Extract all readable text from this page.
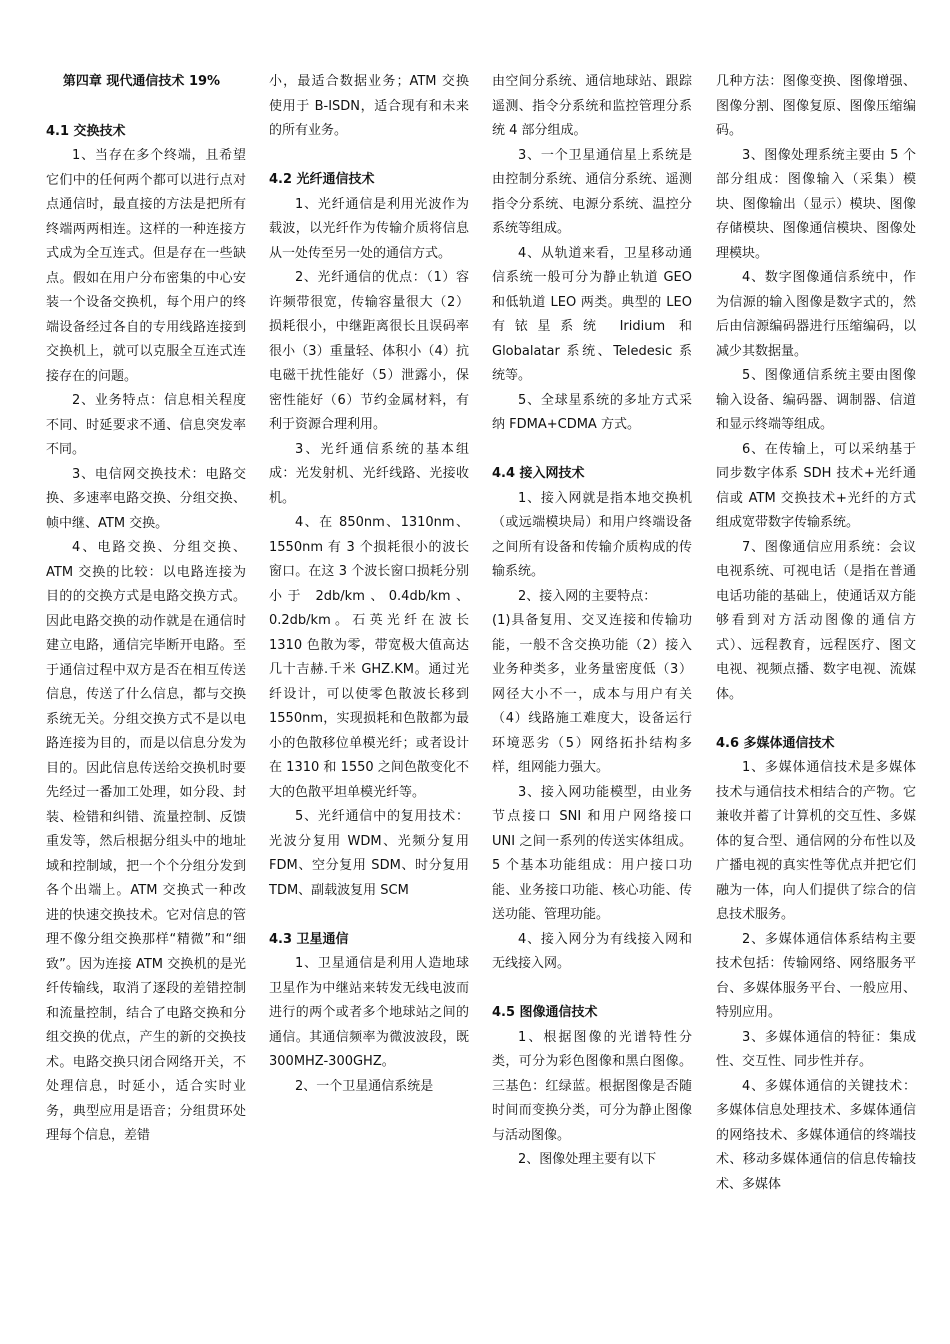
第四章 现代通信技术 19%

4.1 交换技术

1、当存在多个终端，且希望它们中的任何两个都可以进行点对点通信时，最直接的方法是把所有终端两两相连。这样的一种连接方式成为全互连式。但是存在一些缺点。假如在用户分布密集的中心安装一个设备交换机，每个用户的终端设备经过各自的专用线路连接到交换机上，就可以克服全互连式连接存在的问题。

2、业务特点：信息相关程度不同、时延要求不通、信息突发率不同。

3、电信网交换技术：电路交换、多速率电路交换、分组交换、帧中继、ATM 交换。

4、电路交换、分组交换、ATM 交换的比较：以电路连接为目的的交换方式是电路交换方式。因此电路交换的动作就是在通信时建立电路，通信完毕断开电路。至于通信过程中双方是否在相互传送信息，传送了什么信息，都与交换系统无关。分组交换方式不是以电路连接为目的，而是以信息分发为目的。因此信息传送给交换机时要先经过一番加工处理，如分段、封装、检错和纠错、流量控制、反馈重发等，然后根据分组头中的地址域和控制域，把一个个分组分发到各个出端上。ATM 交换式一种改进的快速交换技术。它对信息的管理不像分组交换那样“精微”和“细致”。因为连接 ATM 交换机的是光纤传输线，取消了逐段的差错控制和流量控制，结合了电路交换和分组交换的优点，产生的新的交换技术。电路交换只闭合网络开关，不处理信息，时延小，适合实时业务，典型应用是语音；分组贯环处理每个信息，差错

小，最适合数据业务；ATM 交换使用于 B-ISDN，适合现有和未来的所有业务。

4.2 光纤通信技术

1、光纤通信是利用光波作为载波，以光纤作为传输介质将信息从一处传至另一处的通信方式。

2、光纤通信的优点：（1）容许频带很宽，传输容量很大（2）损耗很小，中继距离很长且误码率很小（3）重量轻、体积小（4）抗电磁干扰性能好（5）泄露小，保密性能好（6）节约金属材料，有利于资源合理利用。

3、光纤通信系统的基本组成：光发射机、光纤线路、光接收机。

4、在 850nm、1310nm、1550nm 有 3 个损耗很小的波长窗口。在这 3 个波长窗口损耗分别小于 2db/km、0.4db/km、0.2db/km。石英光纤在波长 1310 色散为零，带宽极大值高达几十吉赫.千米 GHZ.KM。通过光纤设计，可以使零色散波长移到 1550nm，实现损耗和色散都为最小的色散移位单模光纤；或者设计在 1310 和 1550 之间色散变化不大的色散平坦单模光纤等。

5、光纤通信中的复用技术：光波分复用 WDM、光频分复用 FDM、空分复用 SDM、时分复用 TDM、副载波复用 SCM

4.3 卫星通信

1、卫星通信是利用人造地球卫星作为中继站来转发无线电波而进行的两个或者多个地球站之间的通信。其通信频率为微波波段，既 300MHZ-300GHZ。

2、一个卫星通信系统是

由空间分系统、通信地球站、跟踪遥测、指令分系统和监控管理分系统 4 部分组成。

3、一个卫星通信星上系统是由控制分系统、通信分系统、遥测指令分系统、电源分系统、温控分系统等组成。

4、从轨道来看，卫星移动通信系统一般可分为静止轨道 GEO 和低轨道 LEO 两类。典型的 LEO 有铱星系统 Iridium 和 Globalatar 系统、Teledesic 系统等。

5、全球星系统的多址方式采纳 FDMA+CDMA 方式。

4.4 接入网技术

1、接入网就是指本地交换机（或远端模块局）和用户终端设备之间所有设备和传输介质构成的传输系统。

2、接入网的主要特点：

(1)具备复用、交叉连接和传输功能，一般不含交换功能（2）接入业务种类多，业务量密度低（3）网径大小不一，成本与用户有关（4）线路施工难度大，设备运行环境恶劣（5）网络拓扑结构多样，组网能力强大。

3、接入网功能模型，由业务节点接口 SNI 和用户网络接口 UNI 之间一系列的传送实体组成。5 个基本功能组成：用户接口功能、业务接口功能、核心功能、传送功能、管理功能。

4、接入网分为有线接入网和无线接入网。

4.5 图像通信技术

1、根据图像的光谱特性分类，可分为彩色图像和黑白图像。三基色：红绿蓝。根据图像是否随时间而变换分类，可分为静止图像与活动图像。

2、图像处理主要有以下

几种方法：图像变换、图像增强、图像分割、图像复原、图像压缩编码。

3、图像处理系统主要由 5 个部分组成：图像输入（采集）模块、图像输出（显示）模块、图像存储模块、图像通信模块、图像处理模块。

4、数字图像通信系统中，作为信源的输入图像是数字式的，然后由信源编码器进行压缩编码，以减少其数据量。

5、图像通信系统主要由图像输入设备、编码器、调制器、信道和显示终端等组成。

6、在传输上，可以采纳基于同步数字体系 SDH 技术+光纤通信或 ATM 交换技术+光纤的方式组成宽带数字传输系统。

7、图像通信应用系统：会议电视系统、可视电话（是指在普通电话功能的基础上，使通话双方能够看到对方活动图像的通信方式）、远程教育，远程医疗、图文电视、视频点播、数字电视、流媒体。

4.6 多媒体通信技术

1、多媒体通信技术是多媒体技术与通信技术相结合的产物。它兼收并蓄了计算机的交互性、多媒体的复合型、通信网的分布性以及广播电视的真实性等优点并把它们融为一体，向人们提供了综合的信息技术服务。

2、多媒体通信体系结构主要技术包括：传输网络、网络服务平台、多媒体服务平台、一般应用、特别应用。

3、多媒体通信的特征：集成性、交互性、同步性并存。

4、多媒体通信的关键技术：多媒体信息处理技术、多媒体通信的网络技术、多媒体通信的终端技术、移动多媒体通信的信息传输技术、多媒体
